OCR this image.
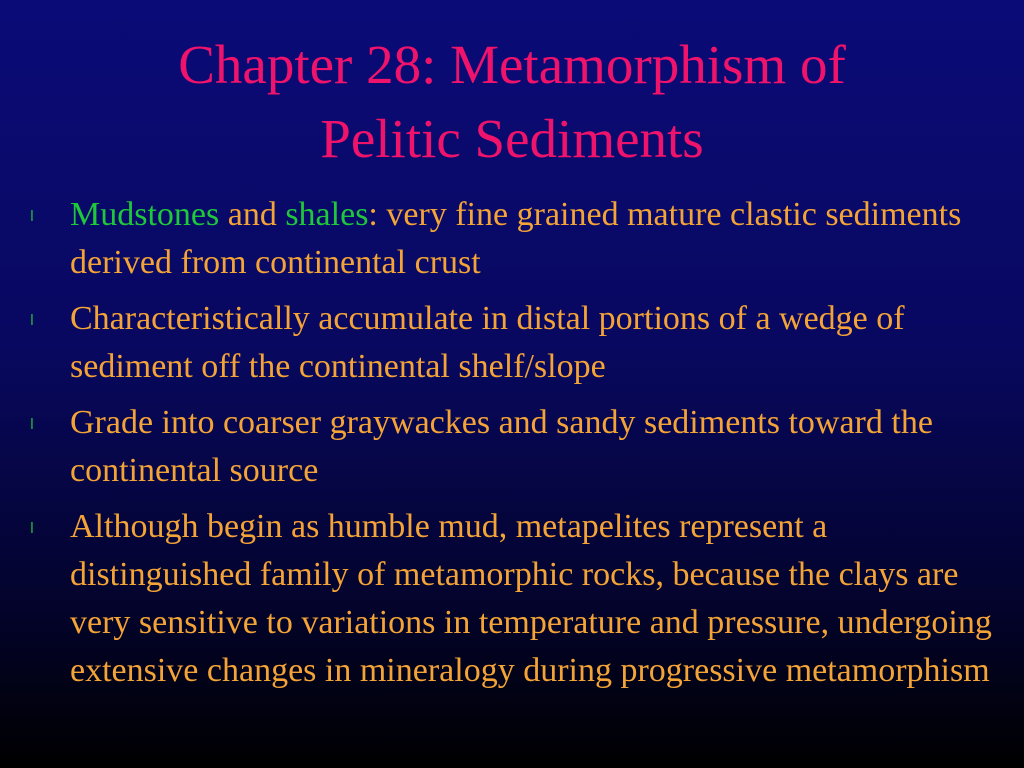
Chapter 28: Metamorphism of
Pelitic Sediments
l Mudstones and shales: very fine grained mature clastic sediments derived from continental crust
l Characteristically accumulate in distal portions of a wedge of sediment off the continental shelf/slope
l Grade into coarser graywackes and sandy sediments toward the continental source
l Although begin as humble mud, metapelites represent a distinguished family of metamorphic rocks, because the clays are very sensitive to variations in temperature and pressure, undergoing extensive changes in mineralogy during progressive metamorphism
